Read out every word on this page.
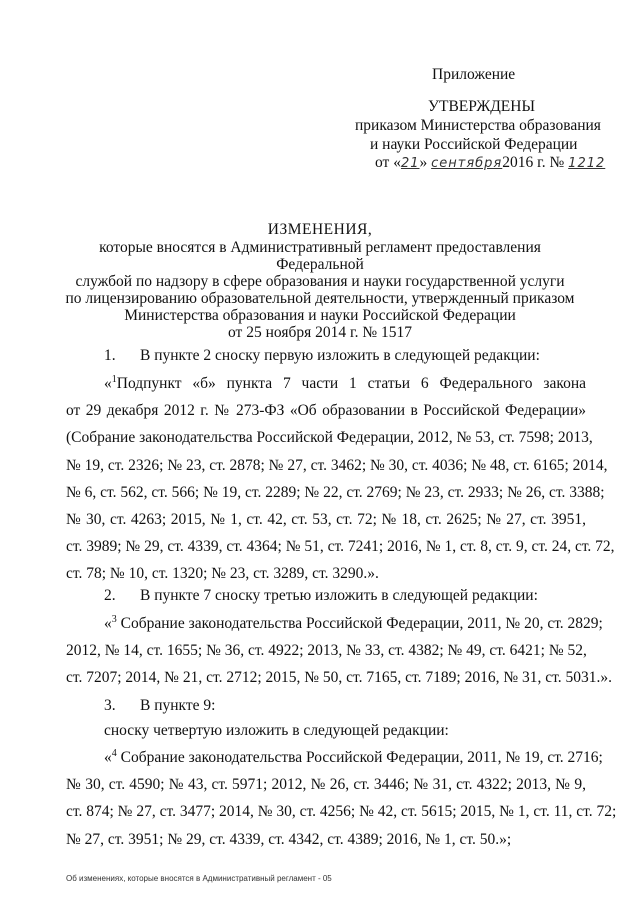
Приложение
УТВЕРЖДЕНЫ
приказом Министерства образования
и науки Российской Федерации
от «21» сентября2016 г. № 1212
ИЗМЕНЕНИЯ,
которые вносятся в Административный регламент предоставления Федеральной
службой по надзору в сфере образования и науки государственной услуги
по лицензированию образовательной деятельности, утвержденный приказом
Министерства образования и науки Российской Федерации
от 25 ноября 2014 г. № 1517
1. В пункте 2 сноску первую изложить в следующей редакции:
«$^1$Подпункт «б» пункта 7 части 1 статьи 6 Федерального закона
от 29 декабря 2012 г. № 273-ФЗ «Об образовании в Российской Федерации»
(Собрание законодательства Российской Федерации, 2012, № 53, ст. 7598; 2013,
№ 19, ст. 2326; № 23, ст. 2878; № 27, ст. 3462; № 30, ст. 4036; № 48, ст. 6165; 2014,
№ 6, ст. 562, ст. 566; № 19, ст. 2289; № 22, ст. 2769; № 23, ст. 2933; № 26, ст. 3388;
№ 30, ст. 4263; 2015, № 1, ст. 42, ст. 53, ст. 72; № 18, ст. 2625; № 27, ст. 3951,
ст. 3989; № 29, ст. 4339, ст. 4364; № 51, ст. 7241; 2016, № 1, ст. 8, ст. 9, ст. 24, ст. 72,
ст. 78; № 10, ст. 1320; № 23, ст. 3289, ст. 3290.».
2. В пункте 7 сноску третью изложить в следующей редакции:
«$^3$ Собрание законодательства Российской Федерации, 2011, № 20, ст. 2829;
2012, № 14, ст. 1655; № 36, ст. 4922; 2013, № 33, ст. 4382; № 49, ст. 6421; № 52,
ст. 7207; 2014, № 21, ст. 2712; 2015, № 50, ст. 7165, ст. 7189; 2016, № 31, ст. 5031.».
3. В пункте 9:
сноску четвертую изложить в следующей редакции:
«$^4$ Собрание законодательства Российской Федерации, 2011, № 19, ст. 2716;
№ 30, ст. 4590; № 43, ст. 5971; 2012, № 26, ст. 3446; № 31, ст. 4322; 2013, № 9,
ст. 874; № 27, ст. 3477; 2014, № 30, ст. 4256; № 42, ст. 5615; 2015, № 1, ст. 11, ст. 72;
№ 27, ст. 3951; № 29, ст. 4339, ст. 4342, ст. 4389; 2016, № 1, ст. 50.»;
Об изменениях, которые вносятся в Административный регламент - 05
